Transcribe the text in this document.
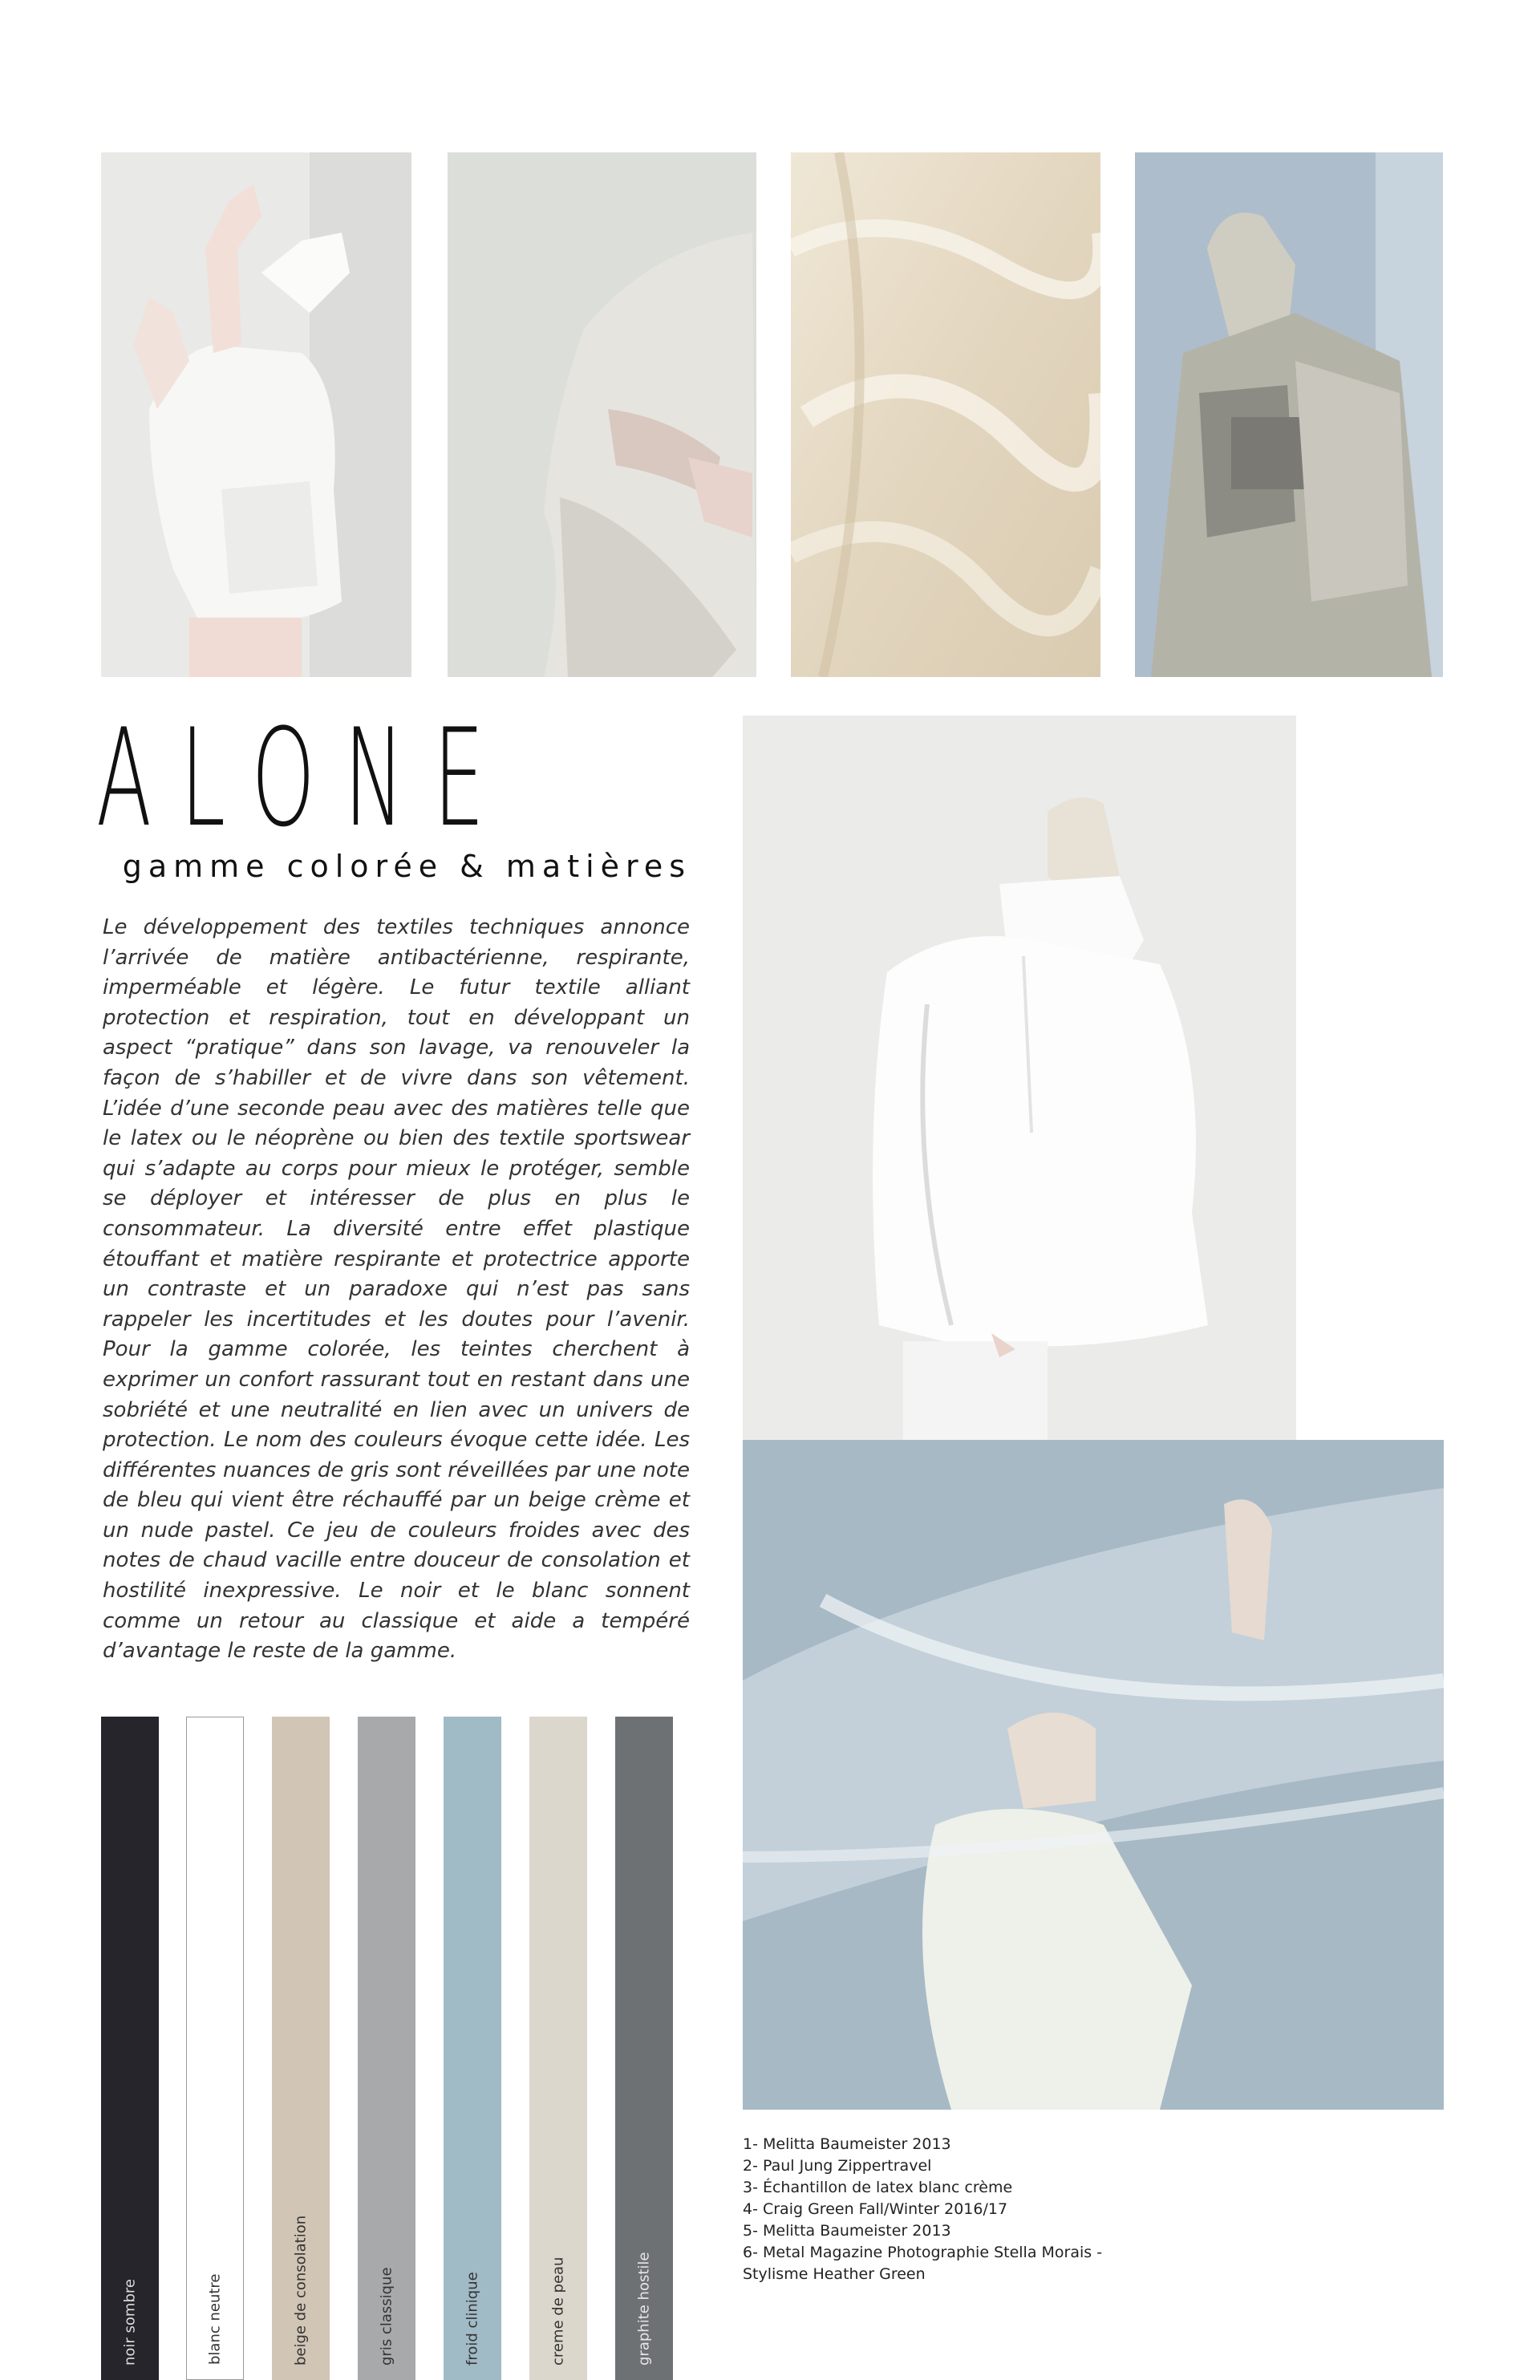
ALONE
gamme colorée & matières
Le développement des textiles techniques annonce l’arrivée de matière antibactérienne, respirante, imperméable et légère. Le futur textile alliant protection et respiration, tout en développant un aspect “pratique” dans son lavage, va renouveler la façon de s’habiller et de vivre dans son vêtement. L’idée d’une seconde peau avec des matières telle que le latex ou le néoprène ou bien des textile sportswear qui s’adapte au corps pour mieux le protéger, semble se déployer et intéresser de plus en plus le consommateur. La diversité entre effet plastique étouffant et matière respirante et protectrice apporte un contraste et un paradoxe qui n’est pas sans rappeler les incertitudes et les doutes pour l’avenir. Pour la gamme colorée, les teintes cherchent à exprimer un confort rassurant tout en restant dans une sobriété et une neutralité en lien avec un univers de protection. Le nom des couleurs évoque cette idée. Les différentes nuances de gris sont réveillées par une note de bleu qui vient être réchauffé par un beige crème et un nude pastel. Ce jeu de couleurs froides avec des notes de chaud vacille entre douceur de consolation et hostilité inexpressive. Le noir et le blanc sonnent comme un retour au classique et aide a tempéré d’avantage le reste de la gamme.
noir sombre	blanc neutre	beige de consolation	gris classique	froid clinique	creme de peau	graphite hostile
1- Melitta Baumeister 2013
2- Paul Jung Zippertravel
3- Échantillon de latex blanc crème
4- Craig Green Fall/Winter 2016/17
5- Melitta Baumeister 2013
6- Metal Magazine Photographie Stella Morais -Stylisme Heather Green
